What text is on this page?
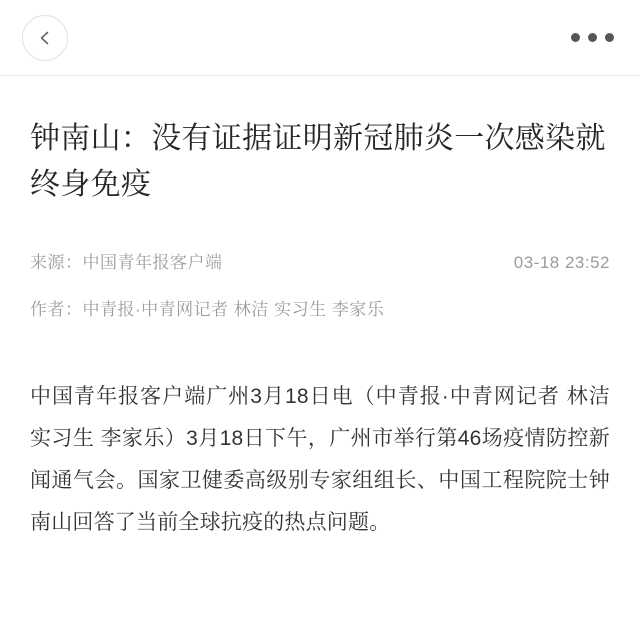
钟南山：没有证据证明新冠肺炎一次感染就终身免疫
来源：中国青年报客户端	03-18 23:52
作者：中青报·中青网记者 林洁 实习生 李家乐

中国青年报客户端广州3月18日电（中青报·中青网记者 林洁 实习生 李家乐）3月18日下午，广州市举行第46场疫情防控新闻通气会。国家卫健委高级别专家组组长、中国工程院院士钟南山回答了当前全球抗疫的热点问题。
